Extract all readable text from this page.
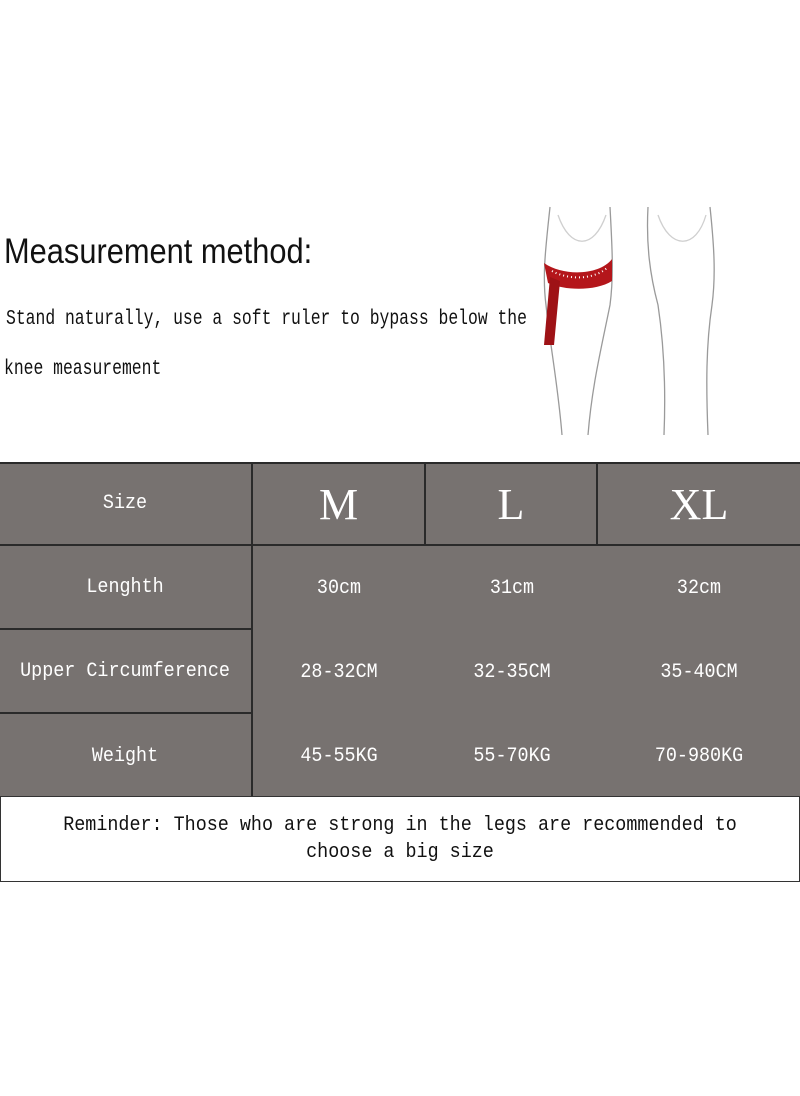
Measurement method:

Stand naturally, use a soft ruler to bypass below the

knee measurement

Size	M	L	XL
Lenghth	30cm	31cm	32cm
Upper Circumference	28-32CM	32-35CM	35-40CM
Weight	45-55KG	55-70KG	70-980KG

Reminder: Those who are strong in the legs are recommended to choose a big size
